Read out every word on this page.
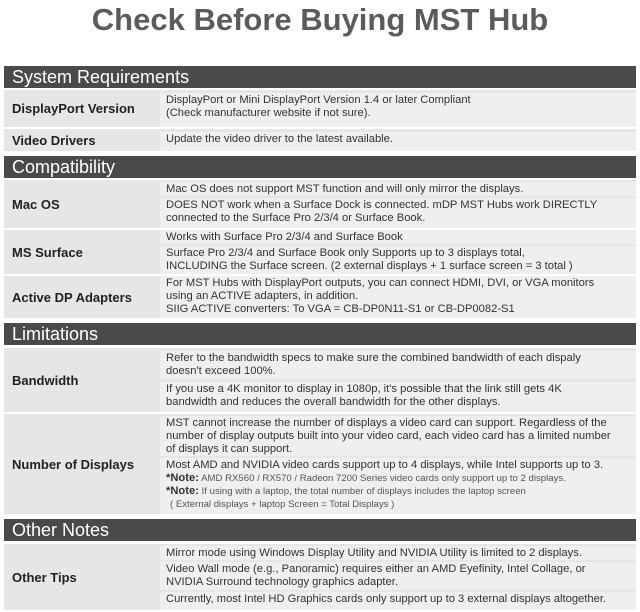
Check Before Buying MST Hub
System Requirements
DisplayPort Version
DisplayPort or Mini DisplayPort Version 1.4 or later Compliant
(Check manufacturer website if not sure).
Video Drivers	Update the video driver to the latest available.
Compatibility
Mac OS
Mac OS does not support MST function and will only mirror the displays.
DOES NOT work when a Surface Dock is connected. mDP MST Hubs work DIRECTLY
connected to the Surface Pro 2/3/4 or Surface Book.
MS Surface
Works with Surface Pro 2/3/4 and Surface Book
Surface Pro 2/3/4 and Surface Book only Supports up to 3 displays total,
INCLUDING the Surface screen. (2 external displays + 1 surface screen = 3 total )
Active DP Adapters
For MST Hubs with DisplayPort outputs, you can connect HDMI, DVI, or VGA monitors
using an ACTIVE adapters, in addition.
SIIG ACTIVE converters: To VGA = CB-DP0N11-S1 or CB-DP0082-S1
Limitations
Bandwidth
Refer to the bandwidth specs to make sure the combined bandwidth of each dispaly
doesn't exceed 100%.
If you use a 4K monitor to display in 1080p, it's possible that the link still gets 4K
bandwidth and reduces the overall bandwidth for the other displays.
Number of Displays
MST cannot increase the number of displays a video card can support. Regardless of the
number of display outputs built into your video card, each video card has a limited number
of displays it can support.
Most AMD and NVIDIA video cards support up to 4 displays, while Intel supports up to 3.
*Note: AMD RX560 / RX570 / Radeon 7200 Series video cards only support up to 2 displays.
*Note: If using with a laptop, the total number of displays includes the laptop screen
( External displays + laptop Screen = Total Displays )
Other Notes
Other Tips
Mirror mode using Windows Display Utility and NVIDIA Utility is limited to 2 displays.
Video Wall mode (e.g., Panoramic) requires either an AMD Eyefinity, Intel Collage, or
NVIDIA Surround technology graphics adapter.
Currently, most Intel HD Graphics cards only support up to 3 external displays altogether.
